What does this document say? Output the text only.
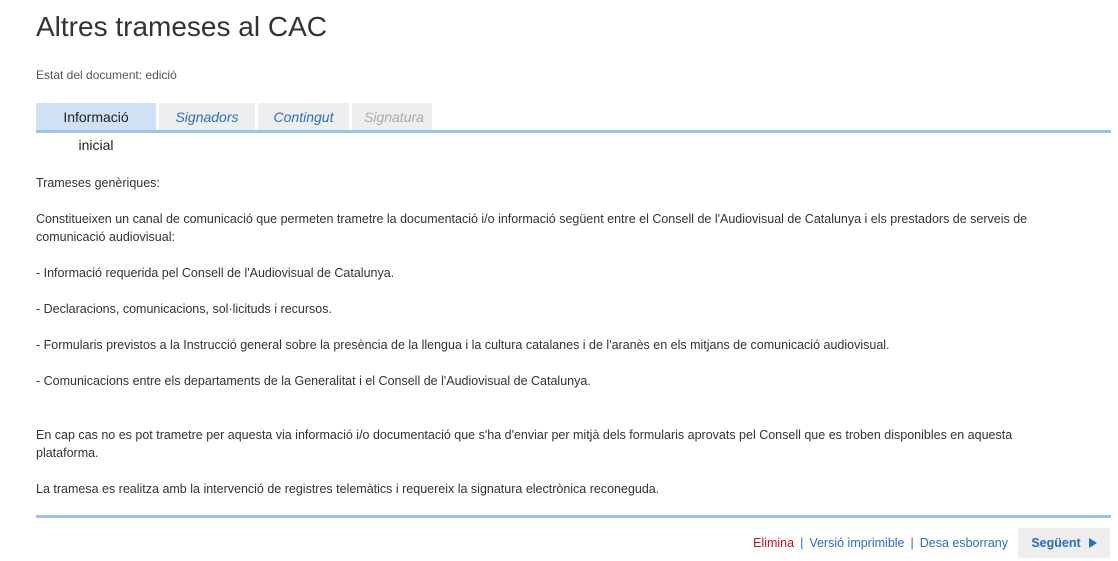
Altres trameses al CAC
Estat del document: edició
Informació inicial
Signadors	Contingut	Signatura

Trameses genèriques:

Constitueixen un canal de comunicació que permeten trametre la documentació i/o informació següent entre el Consell de l'Audiovisual de Catalunya i els prestadors de serveis de comunicació audiovisual:

- Informació requerida pel Consell de l'Audiovisual de Catalunya.

- Declaracions, comunicacions, sol·licituds i recursos.

- Formularis previstos a la Instrucció general sobre la presència de la llengua i la cultura catalanes i de l'aranès en els mitjans de comunicació audiovisual.

- Comunicacions entre els departaments de la Generalitat i el Consell de l'Audiovisual de Catalunya.

En cap cas no es pot trametre per aquesta via informació i/o documentació que s'ha d'enviar per mitjà dels formularis aprovats pel Consell que es troben disponibles en aquesta plataforma.

La tramesa es realitza amb la intervenció de registres telemàtics i requereix la signatura electrònica reconeguda.

Elimina | Versió imprimible | Desa esborrany Següent
